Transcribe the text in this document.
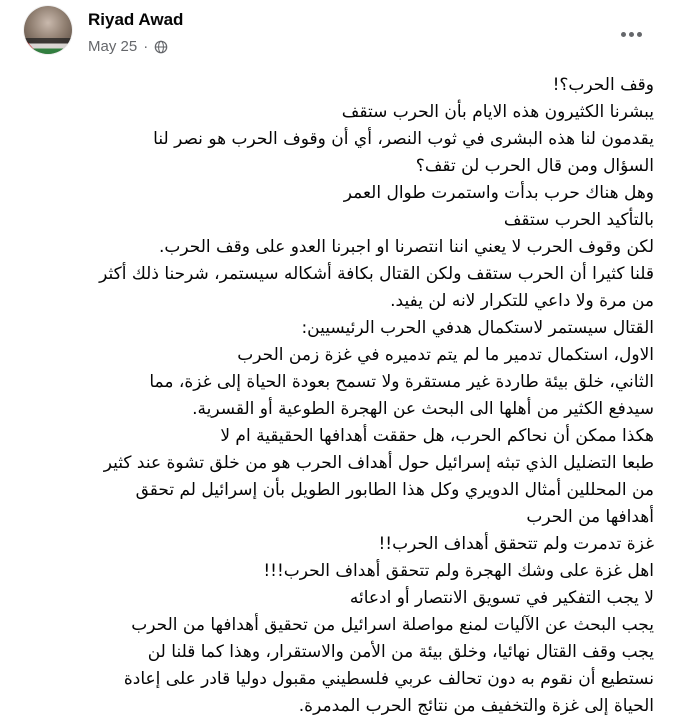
Riyad Awad
May 25 ·

وقف الحرب؟!

يبشرنا الكثيرون هذه الايام بأن الحرب ستقف

يقدمون لنا هذه البشرى في ثوب النصر، أي أن وقوف الحرب هو نصر لنا

السؤال ومن قال الحرب لن تقف؟

وهل هناك حرب بدأت واستمرت طوال العمر

بالتأكيد الحرب ستقف

لكن وقوف الحرب لا يعني اننا انتصرنا او اجبرنا العدو على وقف الحرب.

قلنا كثيرا أن الحرب ستقف ولكن القتال بكافة أشكاله سيستمر، شرحنا ذلك أكثر

من مرة ولا داعي للتكرار لانه لن يفيد.

القتال سيستمر لاستكمال هدفي الحرب الرئيسيين:

الاول، استكمال تدمير ما لم يتم تدميره في غزة زمن الحرب

الثاني، خلق بيئة طاردة غير مستقرة ولا تسمح بعودة الحياة إلى غزة، مما

سيدفع الكثير من أهلها الى البحث عن الهجرة الطوعية أو القسرية.

هكذا ممكن أن نحاكم الحرب، هل حققت أهدافها الحقيقية ام لا

طبعا التضليل الذي تبثه إسرائيل حول أهداف الحرب هو من خلق تشوة عند كثير

من المحللين أمثال الدويري وكل هذا الطابور الطويل بأن إسرائيل لم تحقق

أهدافها من الحرب

غزة تدمرت ولم تتحقق أهداف الحرب!!

اهل غزة على وشك الهجرة ولم تتحقق أهداف الحرب!!!

لا يجب التفكير في تسويق الانتصار أو ادعائه

يجب البحث عن الآليات لمنع مواصلة اسرائيل من تحقيق أهدافها من الحرب

يجب وقف القتال نهائيا، وخلق بيئة من الأمن والاستقرار، وهذا كما قلنا لن

نستطيع أن نقوم به دون تحالف عربي فلسطيني مقبول دوليا قادر على إعادة

الحياة إلى غزة والتخفيف من نتائج الحرب المدمرة.
